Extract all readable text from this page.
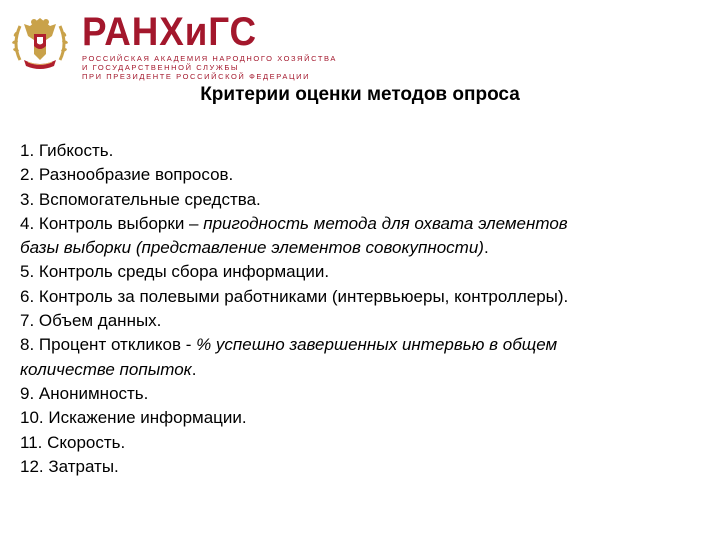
РАНХиГС
РОССИЙСКАЯ АКАДЕМИЯ НАРОДНОГО ХОЗЯЙСТВА
И ГОСУДАРСТВЕННОЙ СЛУЖБЫ
ПРИ ПРЕЗИДЕНТЕ РОССИЙСКОЙ ФЕДЕРАЦИИ
Критерии оценки методов опроса
1. Гибкость.
2. Разнообразие вопросов.
3. Вспомогательные средства.
4. Контроль выборки – пригодность метода для охвата элементов
базы выборки (представление элементов совокупности).
5. Контроль среды сбора информации.
6. Контроль за полевыми работниками (интервьюеры, контроллеры).
7. Объем данных.
8. Процент откликов - % успешно завершенных интервью в общем
количестве попыток.
9. Анонимность.
10. Искажение информации.
11. Скорость.
12. Затраты.
